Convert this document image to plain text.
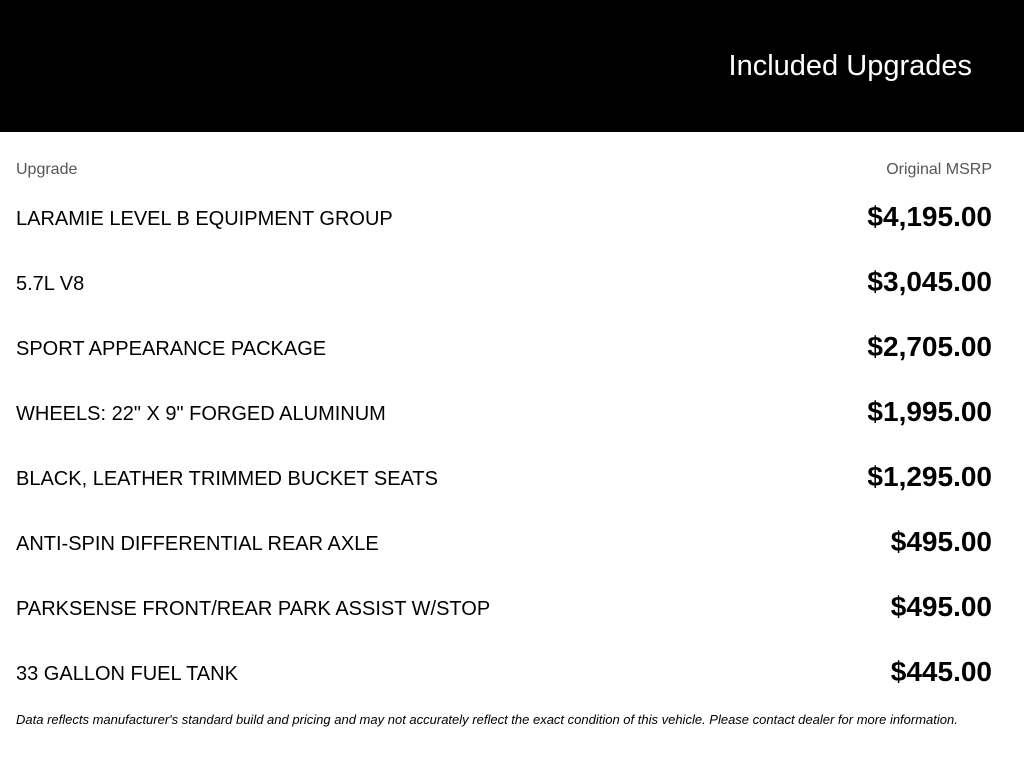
Included Upgrades
Upgrade	Original MSRP
LARAMIE LEVEL B EQUIPMENT GROUP	$4,195.00
5.7L V8	$3,045.00
SPORT APPEARANCE PACKAGE	$2,705.00
WHEELS: 22" X 9" FORGED ALUMINUM	$1,995.00
BLACK, LEATHER TRIMMED BUCKET SEATS	$1,295.00
ANTI-SPIN DIFFERENTIAL REAR AXLE	$495.00
PARKSENSE FRONT/REAR PARK ASSIST W/STOP	$495.00
33 GALLON FUEL TANK	$445.00
Data reflects manufacturer's standard build and pricing and may not accurately reflect the exact condition of this vehicle. Please contact dealer for more information.
